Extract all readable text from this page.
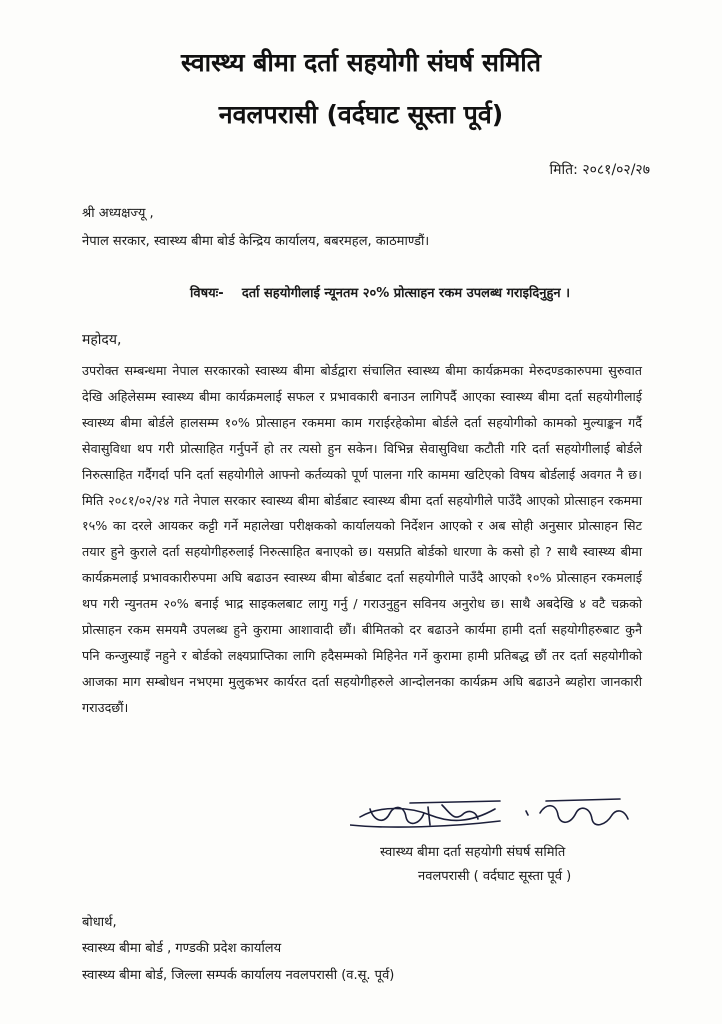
स्वास्थ्य बीमा दर्ता सहयोगी संघर्ष समिति
नवलपरासी (वर्दघाट सूस्ता पूर्व)
मिति: २०८१/०२/२७
श्री अध्यक्षज्यू ,
नेपाल सरकार, स्वास्थ्य बीमा बोर्ड केन्द्रिय कार्यालय, बबरमहल, काठमाण्डौं।
विषयः- दर्ता सहयोगीलाई न्यूनतम २०% प्रोत्साहन रकम उपलब्ध गराइदिनुहुन ।
महोदय,
उपरोक्त सम्बन्धमा नेपाल सरकारको स्वास्थ्य बीमा बोर्डद्वारा संचालित स्वास्थ्य बीमा कार्यक्रमका मेरुदण्डकारुपमा सुरुवात देखि अहिलेसम्म स्वास्थ्य बीमा कार्यक्रमलाई सफल र प्रभावकारी बनाउन लागिपर्दै आएका स्वास्थ्य बीमा दर्ता सहयोगीलाई स्वास्थ्य बीमा बोर्डले हालसम्म १०% प्रोत्साहन रकममा काम गराईरहेकोमा बोर्डले दर्ता सहयोगीको कामको मुल्याङ्कन गर्दै सेवासुविधा थप गरी प्रोत्साहित गर्नुपर्ने हो तर त्यसो हुन सकेन। विभिन्न सेवासुविधा कटौती गरि दर्ता सहयोगीलाई बोर्डले निरुत्साहित गर्दैगर्दा पनि दर्ता सहयोगीले आफ्नो कर्तव्यको पूर्ण पालना गरि काममा खटिएको विषय बोर्डलाई अवगत नै छ। मिति २०८१/०२/२४ गते नेपाल सरकार स्वास्थ्य बीमा बोर्डबाट स्वास्थ्य बीमा दर्ता सहयोगीले पाउँदै आएको प्रोत्साहन रकममा १५% का दरले आयकर कट्टी गर्ने महालेखा परीक्षकको कार्यालयको निर्देशन आएको र अब सोही अनुसार प्रोत्साहन सिट तयार हुने कुराले दर्ता सहयोगीहरुलाई निरुत्साहित बनाएको छ। यसप्रति बोर्डको धारणा के कसो हो ? साथै स्वास्थ्य बीमा कार्यक्रमलाई प्रभावकारीरुपमा अघि बढाउन स्वास्थ्य बीमा बोर्डबाट दर्ता सहयोगीले पाउँदै आएको १०% प्रोत्साहन रकमलाई थप गरी न्युनतम २०% बनाई भाद्र साइकलबाट लागु गर्नु / गराउनुहुन सविनय अनुरोध छ। साथै अबदेखि ४ वटै चक्रको प्रोत्साहन रकम समयमै उपलब्ध हुने कुरामा आशावादी छौं। बीमितको दर बढाउने कार्यमा हामी दर्ता सहयोगीहरुबाट कुनै पनि कन्जुस्याइँ नहुने र बोर्डको लक्ष्यप्राप्तिका लागि हदैसम्मको मिहिनेत गर्ने कुरामा हामी प्रतिबद्ध छौं तर दर्ता सहयोगीको आजका माग सम्बोधन नभएमा मुलुकभर कार्यरत दर्ता सहयोगीहरुले आन्दोलनका कार्यक्रम अघि बढाउने ब्यहोरा जानकारी गराउदछौं।
स्वास्थ्य बीमा दर्ता सहयोगी संघर्ष समिति
नवलपरासी ( वर्दघाट सूस्ता पूर्व )
बोधार्थ,
स्वास्थ्य बीमा बोर्ड , गण्डकी प्रदेश कार्यालय
स्वास्थ्य बीमा बोर्ड, जिल्ला सम्पर्क कार्यालय नवलपरासी (व.सू. पूर्व)
